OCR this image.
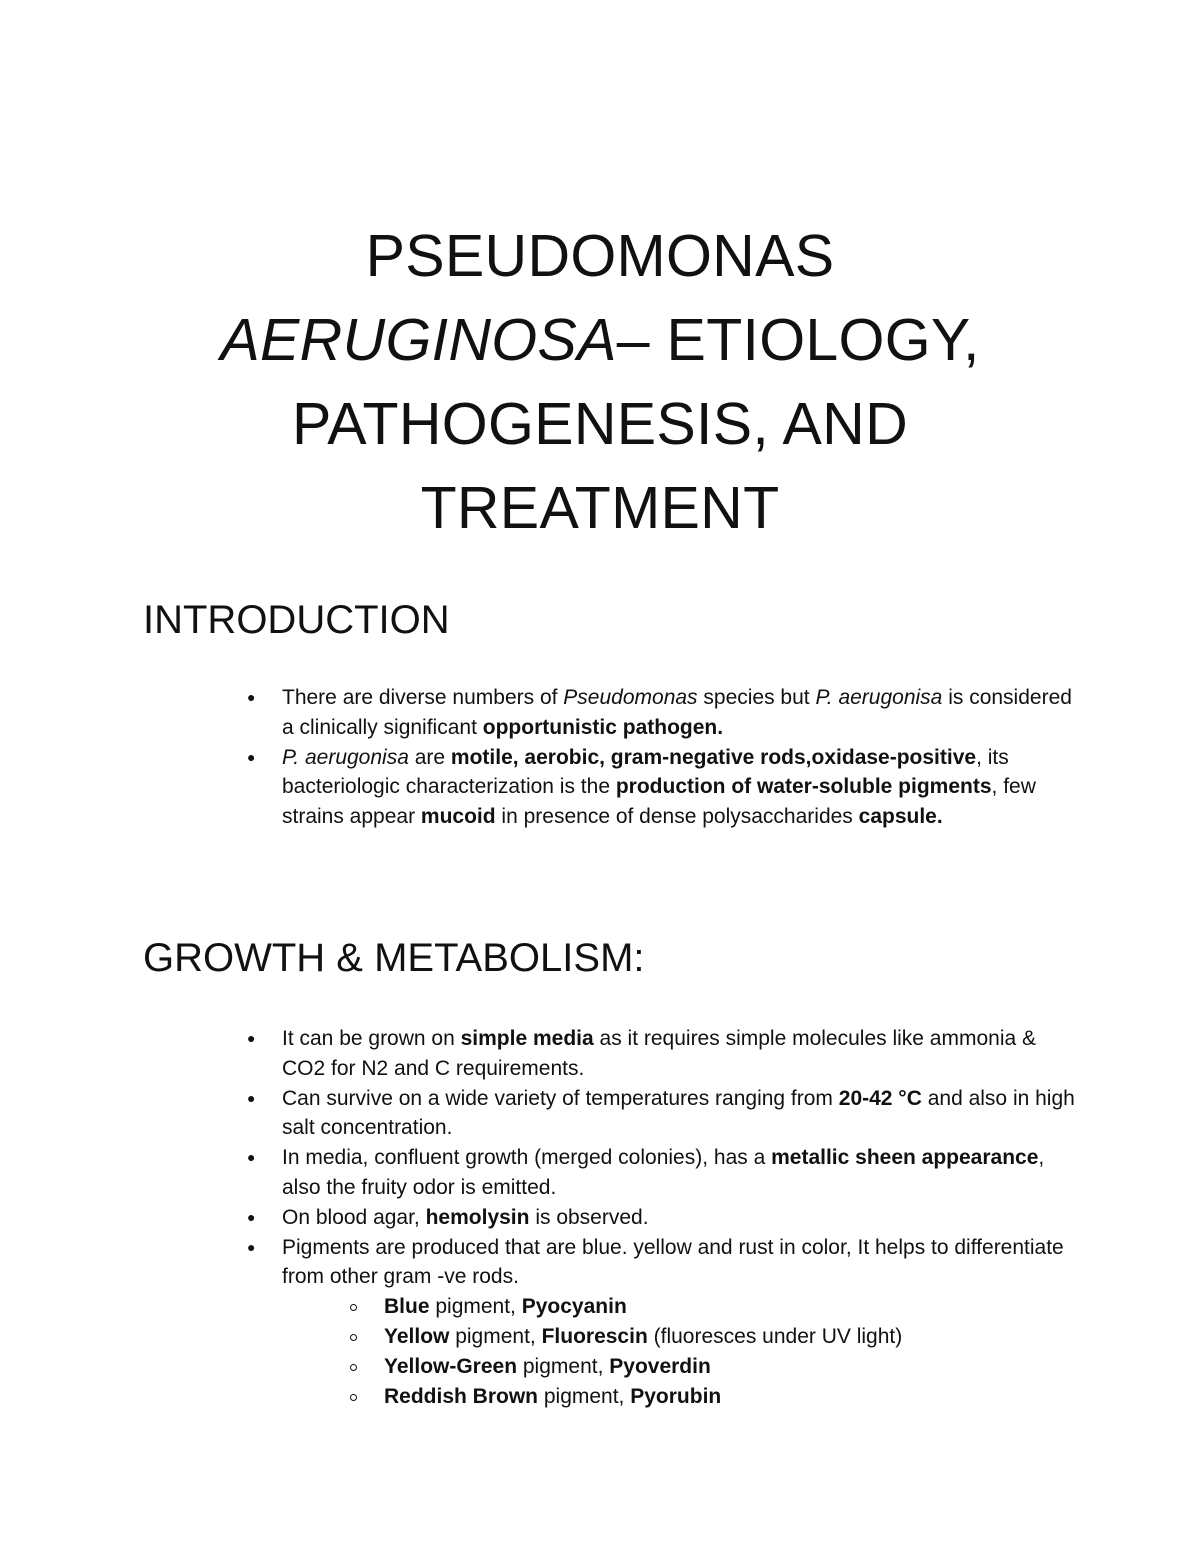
PSEUDOMONAS
AERUGINOSA– ETIOLOGY,
PATHOGENESIS, AND
TREATMENT
INTRODUCTION
● There are diverse numbers of Pseudomonas species but P. aerugonisa is considered a clinically significant opportunistic pathogen.
● P. aerugonisa are motile, aerobic, gram-negative rods,oxidase-positive, its bacteriologic characterization is the production of water-soluble pigments, few strains appear mucoid in presence of dense polysaccharides capsule.
GROWTH & METABOLISM:
● It can be grown on simple media as it requires simple molecules like ammonia & CO2 for N2 and C requirements.
● Can survive on a wide variety of temperatures ranging from 20-42 °C and also in high salt concentration.
● In media, confluent growth (merged colonies), has a metallic sheen appearance, also the fruity odor is emitted.
● On blood agar, hemolysin is observed.
● Pigments are produced that are blue. yellow and rust in color, It helps to differentiate from other gram -ve rods.
Blue pigment, Pyocyanin
Yellow pigment, Fluorescin (fluoresces under UV light)
Yellow-Green pigment, Pyoverdin
Reddish Brown pigment, Pyorubin
